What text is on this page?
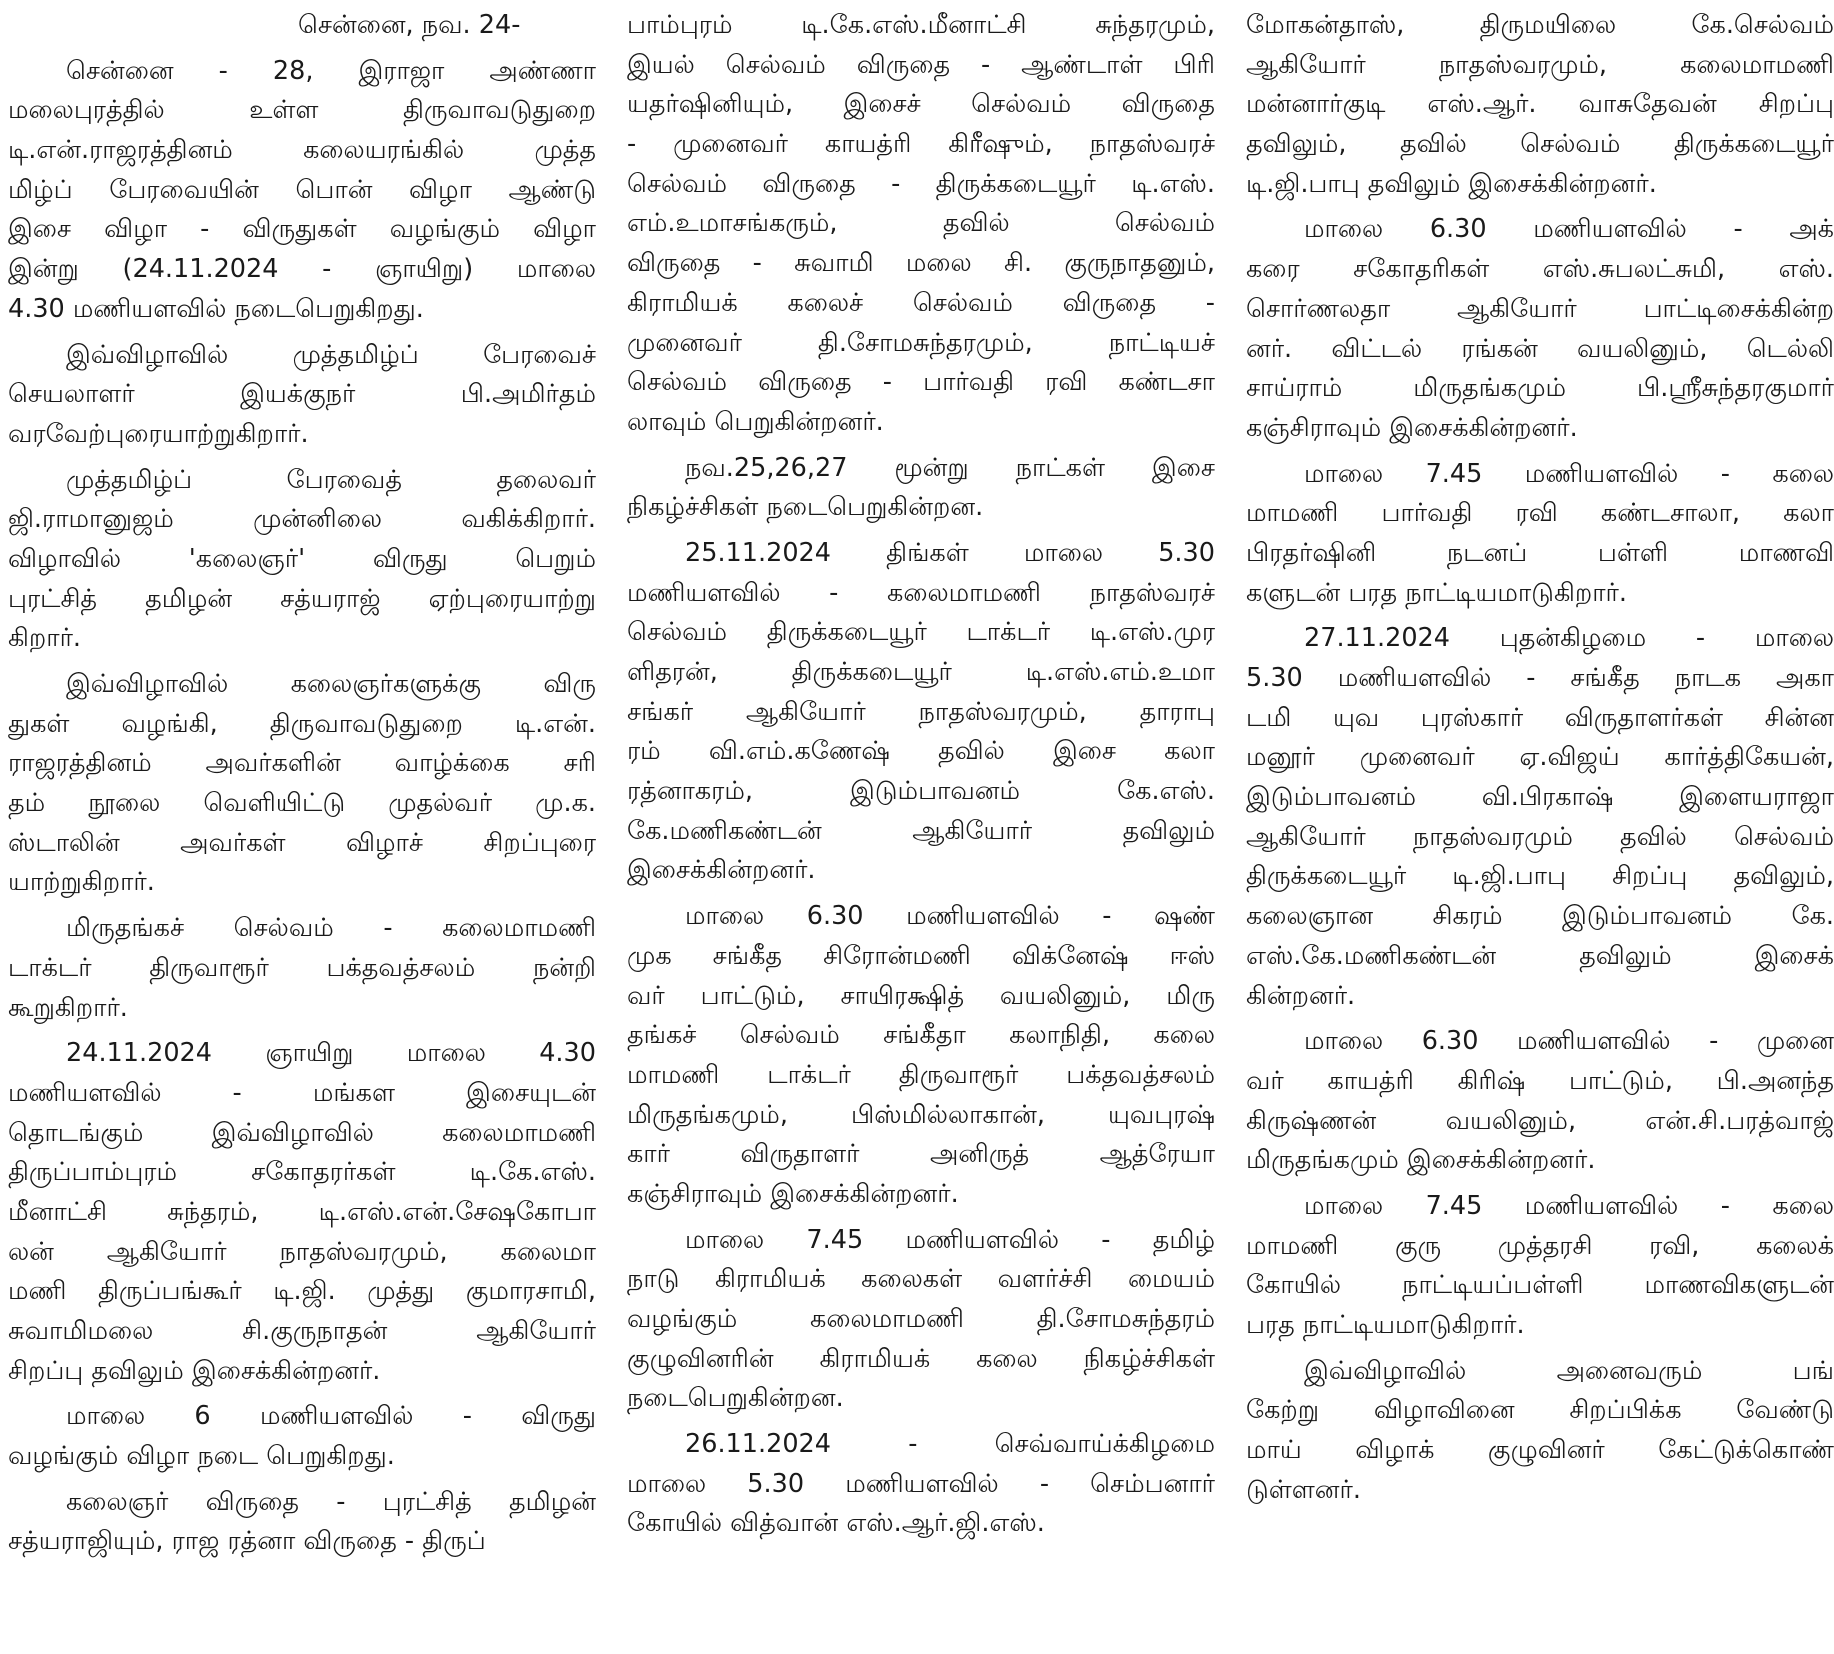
சென்னை, நவ. 24-
சென்னை - 28, இராஜா அண்ணா
மலைபுரத்தில் உள்ள திருவாவடுதுறை
டி.என்.ராஜரத்தினம் கலையரங்கில் முத்த
மிழ்ப் பேரவையின் பொன் விழா ஆண்டு
இசை விழா - விருதுகள் வழங்கும் விழா
இன்று (24.11.2024 - ஞாயிறு) மாலை
4.30 மணியளவில் நடைபெறுகிறது.
இவ்விழாவில் முத்தமிழ்ப் பேரவைச்
செயலாளர் இயக்குநர் பி.அமிர்தம்
வரவேற்புரையாற்றுகிறார்.
முத்தமிழ்ப் பேரவைத் தலைவர்
ஜி.ராமானுஜம் முன்னிலை வகிக்கிறார்.
விழாவில் 'கலைஞர்' விருது பெறும்
புரட்சித் தமிழன் சத்யராஜ் ஏற்புரையாற்று
கிறார்.
இவ்விழாவில் கலைஞர்களுக்கு விரு
துகள் வழங்கி, திருவாவடுதுறை டி.என்.
ராஜரத்தினம் அவர்களின் வாழ்க்கை சரி
தம் நூலை வெளியிட்டு முதல்வர் மு.க.
ஸ்டாலின் அவர்கள் விழாச் சிறப்புரை
யாற்றுகிறார்.
மிருதங்கச் செல்வம் - கலைமாமணி
டாக்டர் திருவாரூர் பக்தவத்சலம் நன்றி
கூறுகிறார்.
24.11.2024 ஞாயிறு மாலை 4.30
மணியளவில் - மங்கள இசையுடன்
தொடங்கும் இவ்விழாவில் கலைமாமணி
திருப்பாம்புரம் சகோதரர்கள் டி.கே.எஸ்.
மீனாட்சி சுந்தரம், டி.எஸ்.என்.சேஷகோபா
லன் ஆகியோர் நாதஸ்வரமும், கலைமா
மணி திருப்பங்கூர் டி.ஜி. முத்து குமாரசாமி,
சுவாமிமலை சி.குருநாதன் ஆகியோர்
சிறப்பு தவிலும் இசைக்கின்றனர்.
மாலை 6 மணியளவில் - விருது
வழங்கும் விழா நடை பெறுகிறது.
கலைஞர் விருதை - புரட்சித் தமிழன்
சத்யராஜியும், ராஜ ரத்னா விருதை - திருப்
பாம்புரம் டி.கே.எஸ்.மீனாட்சி சுந்தரமும்,
இயல் செல்வம் விருதை - ஆண்டாள் பிரி
யதர்ஷினியும், இசைச் செல்வம் விருதை
- முனைவர் காயத்ரி கிரீஷும், நாதஸ்வரச்
செல்வம் விருதை - திருக்கடையூர் டி.எஸ்.
எம்.உமாசங்கரும், தவில் செல்வம்
விருதை - சுவாமி மலை சி. குருநாதனும்,
கிராமியக் கலைச் செல்வம் விருதை -
முனைவர் தி.சோமசுந்தரமும், நாட்டியச்
செல்வம் விருதை - பார்வதி ரவி கண்டசா
லாவும் பெறுகின்றனர்.
நவ.25,26,27 மூன்று நாட்கள் இசை
நிகழ்ச்சிகள் நடைபெறுகின்றன.
25.11.2024 திங்கள் மாலை 5.30
மணியளவில் - கலைமாமணி நாதஸ்வரச்
செல்வம் திருக்கடையூர் டாக்டர் டி.எஸ்.முர
ளிதரன், திருக்கடையூர் டி.எஸ்.எம்.உமா
சங்கர் ஆகியோர் நாதஸ்வரமும், தாராபு
ரம் வி.எம்.கணேஷ் தவில் இசை கலா
ரத்னாகரம், இடும்பாவனம் கே.எஸ்.
கே.மணிகண்டன் ஆகியோர் தவிலும்
இசைக்கின்றனர்.
மாலை 6.30 மணியளவில் - ஷண்
முக சங்கீத சிரோன்மணி விக்னேஷ் ஈஸ்
வர் பாட்டும், சாயிரக்ஷித் வயலினும், மிரு
தங்கச் செல்வம் சங்கீதா கலாநிதி, கலை
மாமணி டாக்டர் திருவாரூர் பக்தவத்சலம்
மிருதங்கமும், பிஸ்மில்லாகான், யுவபுரஷ்
கார் விருதாளர் அனிருத் ஆத்ரேயா
கஞ்சிராவும் இசைக்கின்றனர்.
மாலை 7.45 மணியளவில் - தமிழ்
நாடு கிராமியக் கலைகள் வளர்ச்சி மையம்
வழங்கும் கலைமாமணி தி.சோமசுந்தரம்
குழுவினரின் கிராமியக் கலை நிகழ்ச்சிகள்
நடைபெறுகின்றன.
26.11.2024 - செவ்வாய்க்கிழமை
மாலை 5.30 மணியளவில் - செம்பனார்
கோயில் வித்வான் எஸ்.ஆர்.ஜி.எஸ்.
மோகன்தாஸ், திருமயிலை கே.செல்வம்
ஆகியோர் நாதஸ்வரமும், கலைமாமணி
மன்னார்குடி எஸ்.ஆர். வாசுதேவன் சிறப்பு
தவிலும், தவில் செல்வம் திருக்கடையூர்
டி.ஜி.பாபு தவிலும் இசைக்கின்றனர்.
மாலை 6.30 மணியளவில் - அக்
கரை சகோதரிகள் எஸ்.சுபலட்சுமி, எஸ்.
சொர்ணலதா ஆகியோர் பாட்டிசைக்கின்ற
னர். விட்டல் ரங்கன் வயலினும், டெல்லி
சாய்ராம் மிருதங்கமும் பி.ஸ்ரீசுந்தரகுமார்
கஞ்சிராவும் இசைக்கின்றனர்.
மாலை 7.45 மணியளவில் - கலை
மாமணி பார்வதி ரவி கண்டசாலா, கலா
பிரதர்ஷினி நடனப் பள்ளி மாணவி
களுடன் பரத நாட்டியமாடுகிறார்.
27.11.2024 புதன்கிழமை - மாலை
5.30 மணியளவில் - சங்கீத நாடக அகா
டமி யுவ புரஸ்கார் விருதாளர்கள் சின்ன
மனூர் முனைவர் ஏ.விஜய் கார்த்திகேயன்,
இடும்பாவனம் வி.பிரகாஷ் இளையராஜா
ஆகியோர் நாதஸ்வரமும் தவில் செல்வம்
திருக்கடையூர் டி.ஜி.பாபு சிறப்பு தவிலும்,
கலைஞான சிகரம் இடும்பாவனம் கே.
எஸ்.கே.மணிகண்டன் தவிலும் இசைக்
கின்றனர்.
மாலை 6.30 மணியளவில் - முனை
வர் காயத்ரி கிரிஷ் பாட்டும், பி.அனந்த
கிருஷ்ணன் வயலினும், என்.சி.பரத்வாஜ்
மிருதங்கமும் இசைக்கின்றனர்.
மாலை 7.45 மணியளவில் - கலை
மாமணி குரு முத்தரசி ரவி, கலைக்
கோயில் நாட்டியப்பள்ளி மாணவிகளுடன்
பரத நாட்டியமாடுகிறார்.
இவ்விழாவில் அனைவரும் பங்
கேற்று விழாவினை சிறப்பிக்க வேண்டு
மாய் விழாக் குழுவினர் கேட்டுக்கொண்
டுள்ளனர்.
